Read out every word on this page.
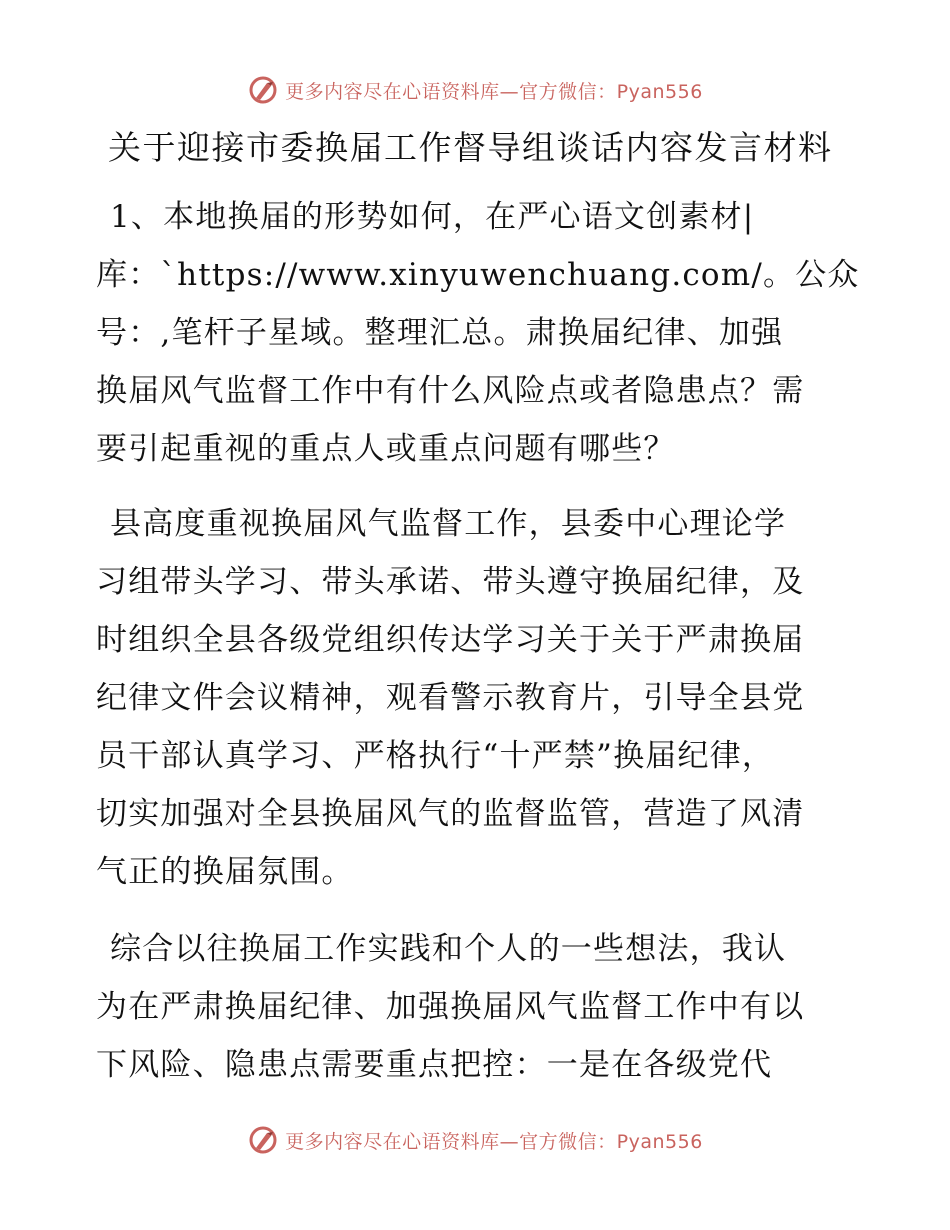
更多内容尽在心语资料库—官方微信：Pyan556
关于迎接市委换届工作督导组谈话内容发言材料
1、本地换届的形势如何，在严心语文创素材|
库：`https://www.xinyuwenchuang.com/。公众
号：,笔杆子星域。整理汇总。肃换届纪律、加强
换届风气监督工作中有什么风险点或者隐患点？需
要引起重视的重点人或重点问题有哪些？
县高度重视换届风气监督工作，县委中心理论学
习组带头学习、带头承诺、带头遵守换届纪律，及
时组织全县各级党组织传达学习关于关于严肃换届
纪律文件会议精神，观看警示教育片，引导全县党
员干部认真学习、严格执行“十严禁”换届纪律，
切实加强对全县换届风气的监督监管，营造了风清
气正的换届氛围。
综合以往换届工作实践和个人的一些想法，我认
为在严肃换届纪律、加强换届风气监督工作中有以
下风险、隐患点需要重点把控：一是在各级党代
更多内容尽在心语资料库—官方微信：Pyan556
